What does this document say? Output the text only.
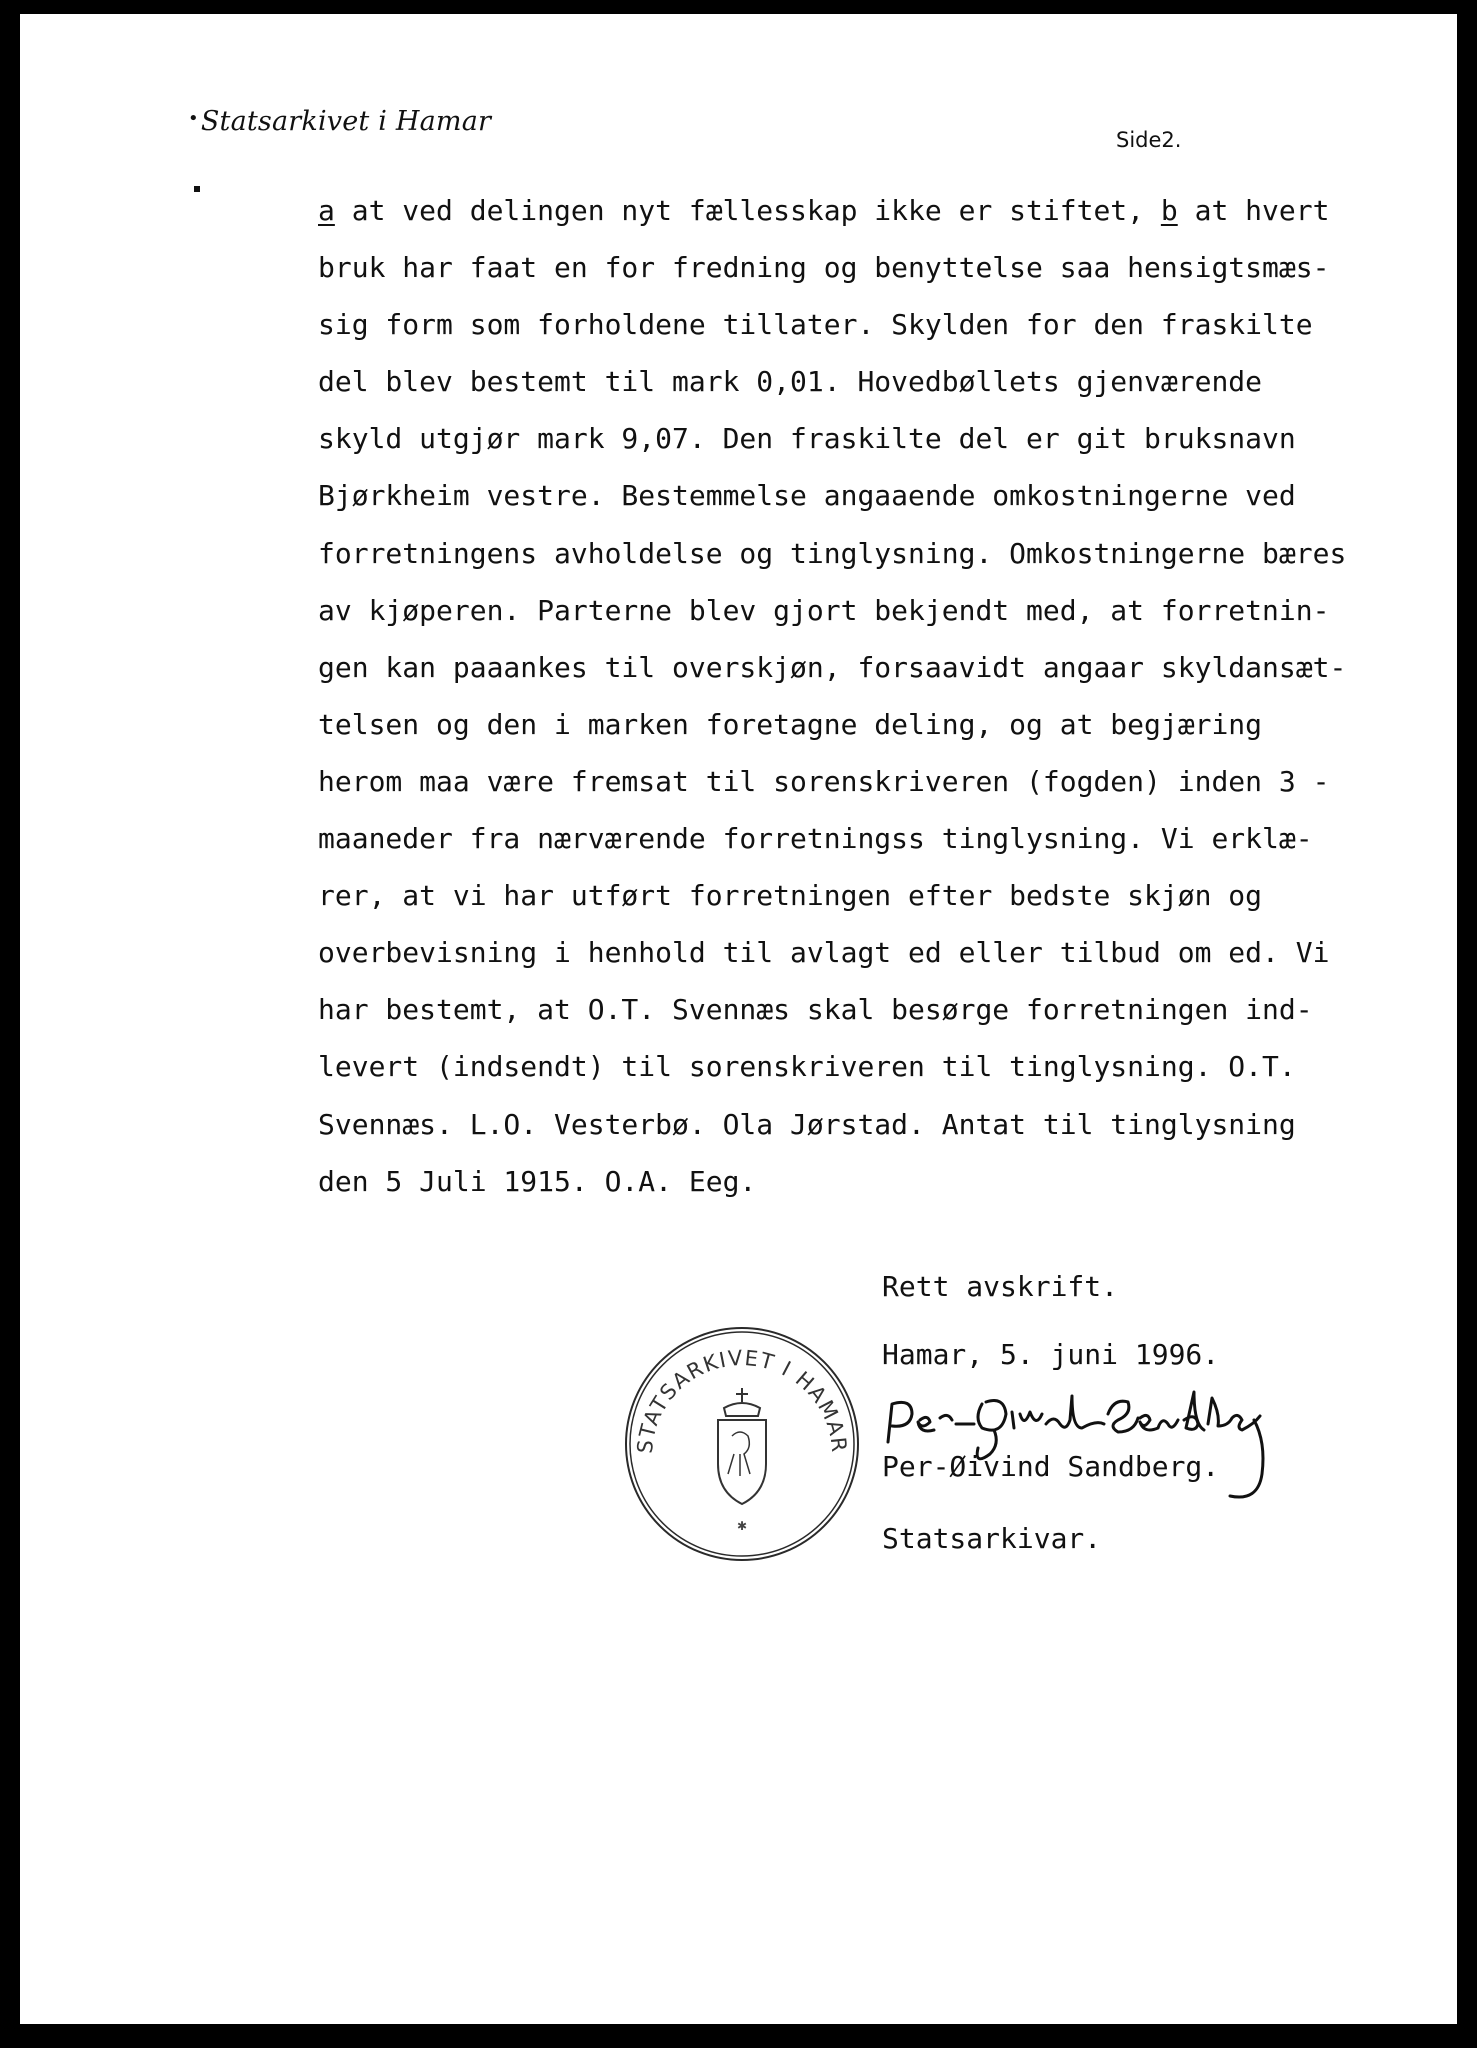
•Statsarkivet i Hamar
Side2.
a at ved delingen nyt fællesskap ikke er stiftet, b at hvert
bruk har faat en for fredning og benyttelse saa hensigtsmæs-
sig form som forholdene tillater. Skylden for den fraskilte
del blev bestemt til mark 0,01. Hovedbøllets gjenværende
skyld utgjør mark 9,07. Den fraskilte del er git bruksnavn
Bjørkheim vestre. Bestemmelse angaaende omkostningerne ved
forretningens avholdelse og tinglysning. Omkostningerne bæres
av kjøperen. Parterne blev gjort bekjendt med, at forretnin-
gen kan paaankes til overskjøn, forsaavidt angaar skyldansæt-
telsen og den i marken foretagne deling, og at begjæring
herom maa være fremsat til sorenskriveren (fogden) inden 3 -
maaneder fra nærværende forretningss tinglysning. Vi erklæ-
rer, at vi har utført forretningen efter bedste skjøn og
overbevisning i henhold til avlagt ed eller tilbud om ed. Vi
har bestemt, at O.T. Svennæs skal besørge forretningen ind-
levert (indsendt) til sorenskriveren til tinglysning. O.T.
Svennæs. L.O. Vesterbø. Ola Jørstad. Antat til tinglysning
den 5 Juli 1915. O.A. Eeg.

Rett avskrift.

Hamar, 5. juni 1996.

Per-Øivind Sandberg.

Statsarkivar.

STATSARKIVET I HAMAR
✱
